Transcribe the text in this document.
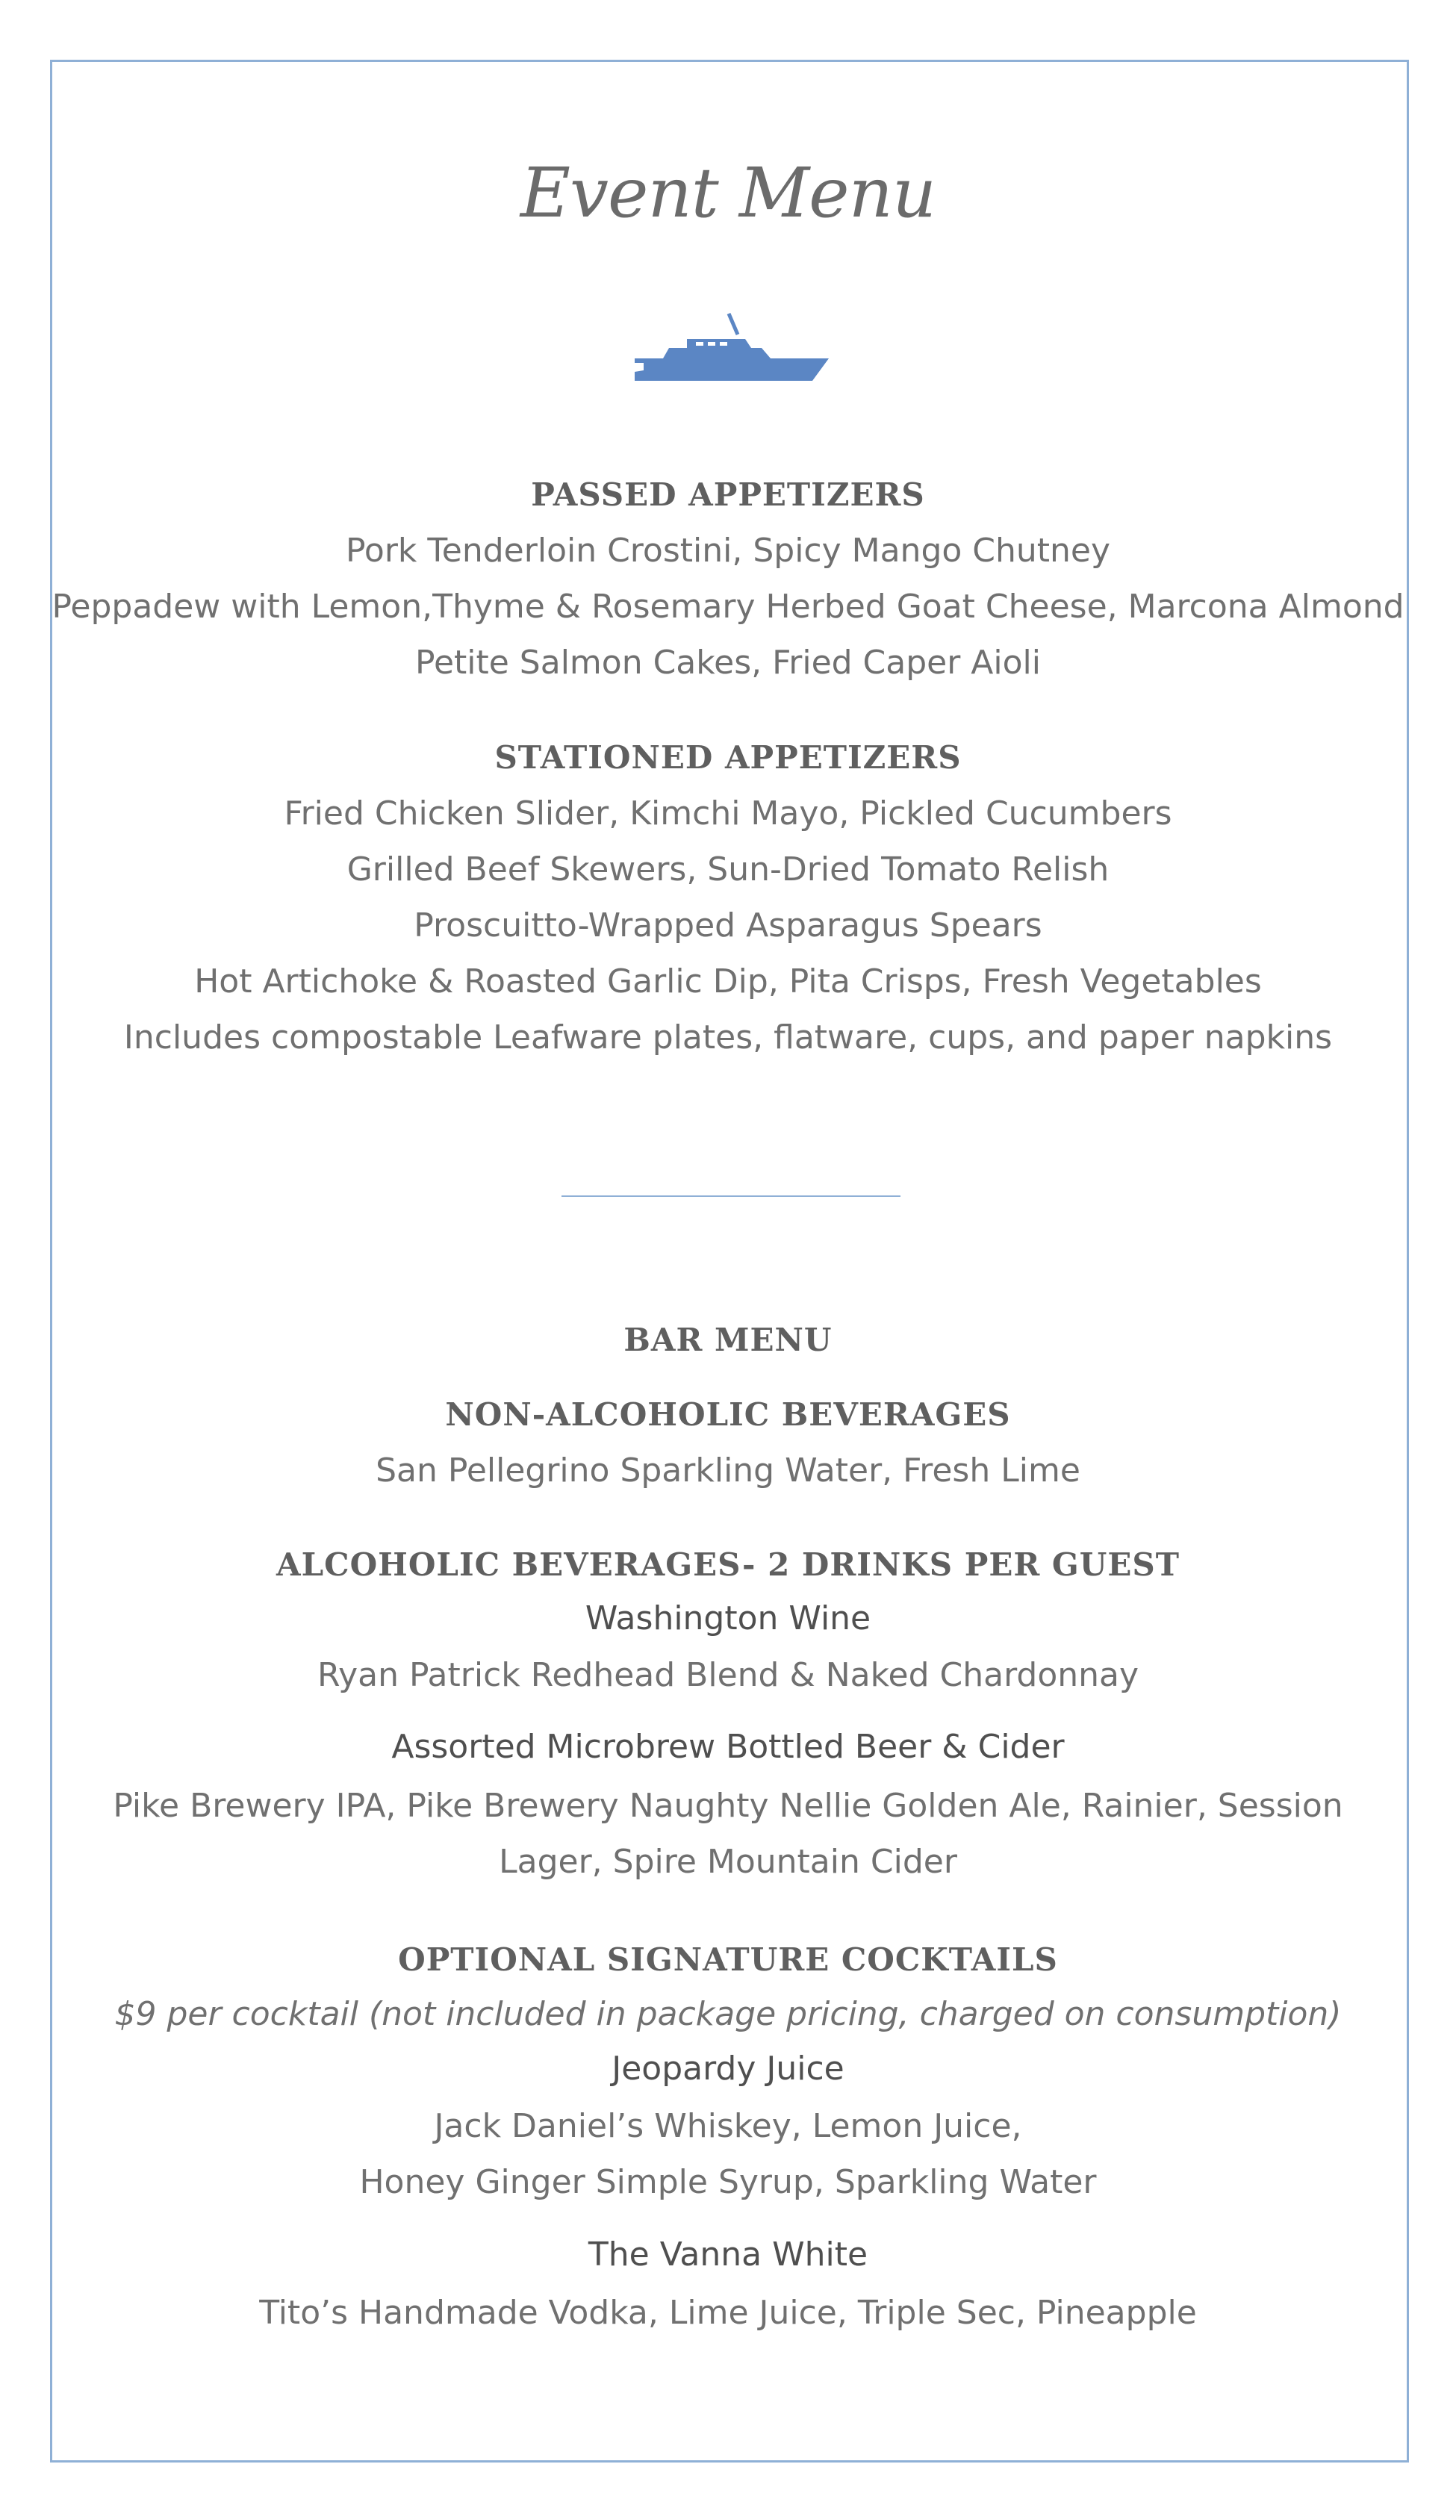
Event Menu
PASSED APPETIZERS
Pork Tenderloin Crostini, Spicy Mango Chutney
Peppadew with Lemon,Thyme & Rosemary Herbed Goat Cheese, Marcona Almond
Petite Salmon Cakes, Fried Caper Aioli
STATIONED APPETIZERS
Fried Chicken Slider, Kimchi Mayo, Pickled Cucumbers
Grilled Beef Skewers, Sun-Dried Tomato Relish
Proscuitto-Wrapped Asparagus Spears
Hot Artichoke & Roasted Garlic Dip, Pita Crisps, Fresh Vegetables
Includes compostable Leafware plates, flatware, cups, and paper napkins
BAR MENU
NON-ALCOHOLIC BEVERAGES
San Pellegrino Sparkling Water, Fresh Lime
ALCOHOLIC BEVERAGES- 2 DRINKS PER GUEST
Washington Wine
Ryan Patrick Redhead Blend & Naked Chardonnay
Assorted Microbrew Bottled Beer & Cider
Pike Brewery IPA, Pike Brewery Naughty Nellie Golden Ale, Rainier, Session
Lager, Spire Mountain Cider
OPTIONAL SIGNATURE COCKTAILS
$9 per cocktail (not included in package pricing, charged on consumption)
Jeopardy Juice
Jack Daniel’s Whiskey, Lemon Juice,
Honey Ginger Simple Syrup, Sparkling Water
The Vanna White
Tito’s Handmade Vodka, Lime Juice, Triple Sec, Pineapple
